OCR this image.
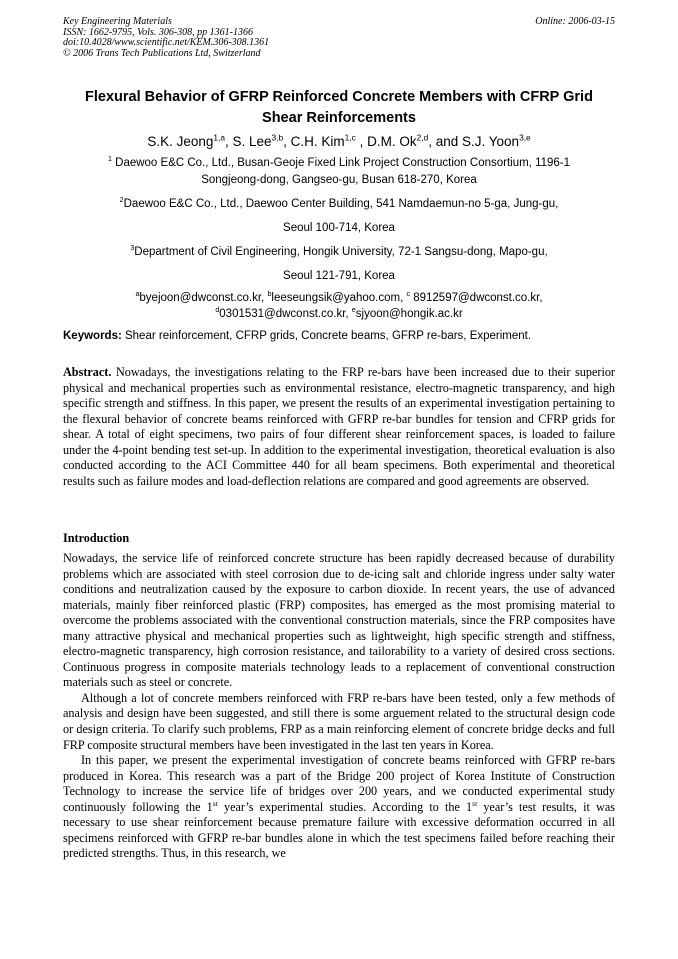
Key Engineering Materials
ISSN: 1662-9795, Vols. 306-308, pp 1361-1366
doi:10.4028/www.scientific.net/KEM.306-308.1361
© 2006 Trans Tech Publications Ltd, Switzerland
Online: 2006-03-15
Flexural Behavior of GFRP Reinforced Concrete Members with CFRP Grid Shear Reinforcements
S.K. Jeong$^{1,a}$, S. Lee$^{3,b}$, C.H. Kim$^{1,c}$ , D.M. Ok$^{2,d}$, and S.J. Yoon$^{3,e}$
$^1$ Daewoo E&C Co., Ltd., Busan-Geoje Fixed Link Project Construction Consortium, 1196-1
Songjeong-dong, Gangseo-gu, Busan 618-270, Korea
$^2$Daewoo E&C Co., Ltd., Daewoo Center Building, 541 Namdaemun-no 5-ga, Jung-gu,
Seoul 100-714, Korea
$^3$Department of Civil Engineering, Hongik University, 72-1 Sangsu-dong, Mapo-gu,
Seoul 121-791, Korea
$^a$byejoon@dwconst.co.kr, $^b$leeseungsik@yahoo.com, $^c$ 8912597@dwconst.co.kr,
$^d$0301531@dwconst.co.kr, $^e$sjyoon@hongik.ac.kr
Keywords: Shear reinforcement, CFRP grids, Concrete beams, GFRP re-bars, Experiment.
Abstract. Nowadays, the investigations relating to the FRP re-bars have been increased due to their superior physical and mechanical properties such as environmental resistance, electro-magnetic transparency, and high specific strength and stiffness. In this paper, we present the results of an experimental investigation pertaining to the flexural behavior of concrete beams reinforced with GFRP re-bar bundles for tension and CFRP grids for shear. A total of eight specimens, two pairs of four different shear reinforcement spaces, is loaded to failure under the 4-point bending test set-up. In addition to the experimental investigation, theoretical evaluation is also conducted according to the ACI Committee 440 for all beam specimens. Both experimental and theoretical results such as failure modes and load-deflection relations are compared and good agreements are observed.
Introduction

Nowadays, the service life of reinforced concrete structure has been rapidly decreased because of durability problems which are associated with steel corrosion due to de-icing salt and chloride ingress under salty water conditions and neutralization caused by the exposure to carbon dioxide. In recent years, the use of advanced materials, mainly fiber reinforced plastic (FRP) composites, has emerged as the most promising material to overcome the problems associated with the conventional construction materials, since the FRP composites have many attractive physical and mechanical properties such as lightweight, high specific strength and stiffness, electro-magnetic transparency, high corrosion resistance, and tailorability to a variety of desired cross sections. Continuous progress in composite materials technology leads to a replacement of conventional construction materials such as steel or concrete.

Although a lot of concrete members reinforced with FRP re-bars have been tested, only a few methods of analysis and design have been suggested, and still there is some arguement related to the structural design code or design criteria. To clarify such problems, FRP as a main reinforcing element of concrete bridge decks and full FRP composite structural members have been investigated in the last ten years in Korea.

In this paper, we present the experimental investigation of concrete beams reinforced with GFRP re-bars produced in Korea. This research was a part of the Bridge 200 project of Korea Institute of Construction Technology to increase the service life of bridges over 200 years, and we conducted experimental study continuously following the 1st year’s experimental studies. According to the 1st year’s test results, it was necessary to use shear reinforcement because premature failure with excessive deformation occurred in all specimens reinforced with GFRP re-bar bundles alone in which the test specimens failed before reaching their predicted strengths. Thus, in this research, we
